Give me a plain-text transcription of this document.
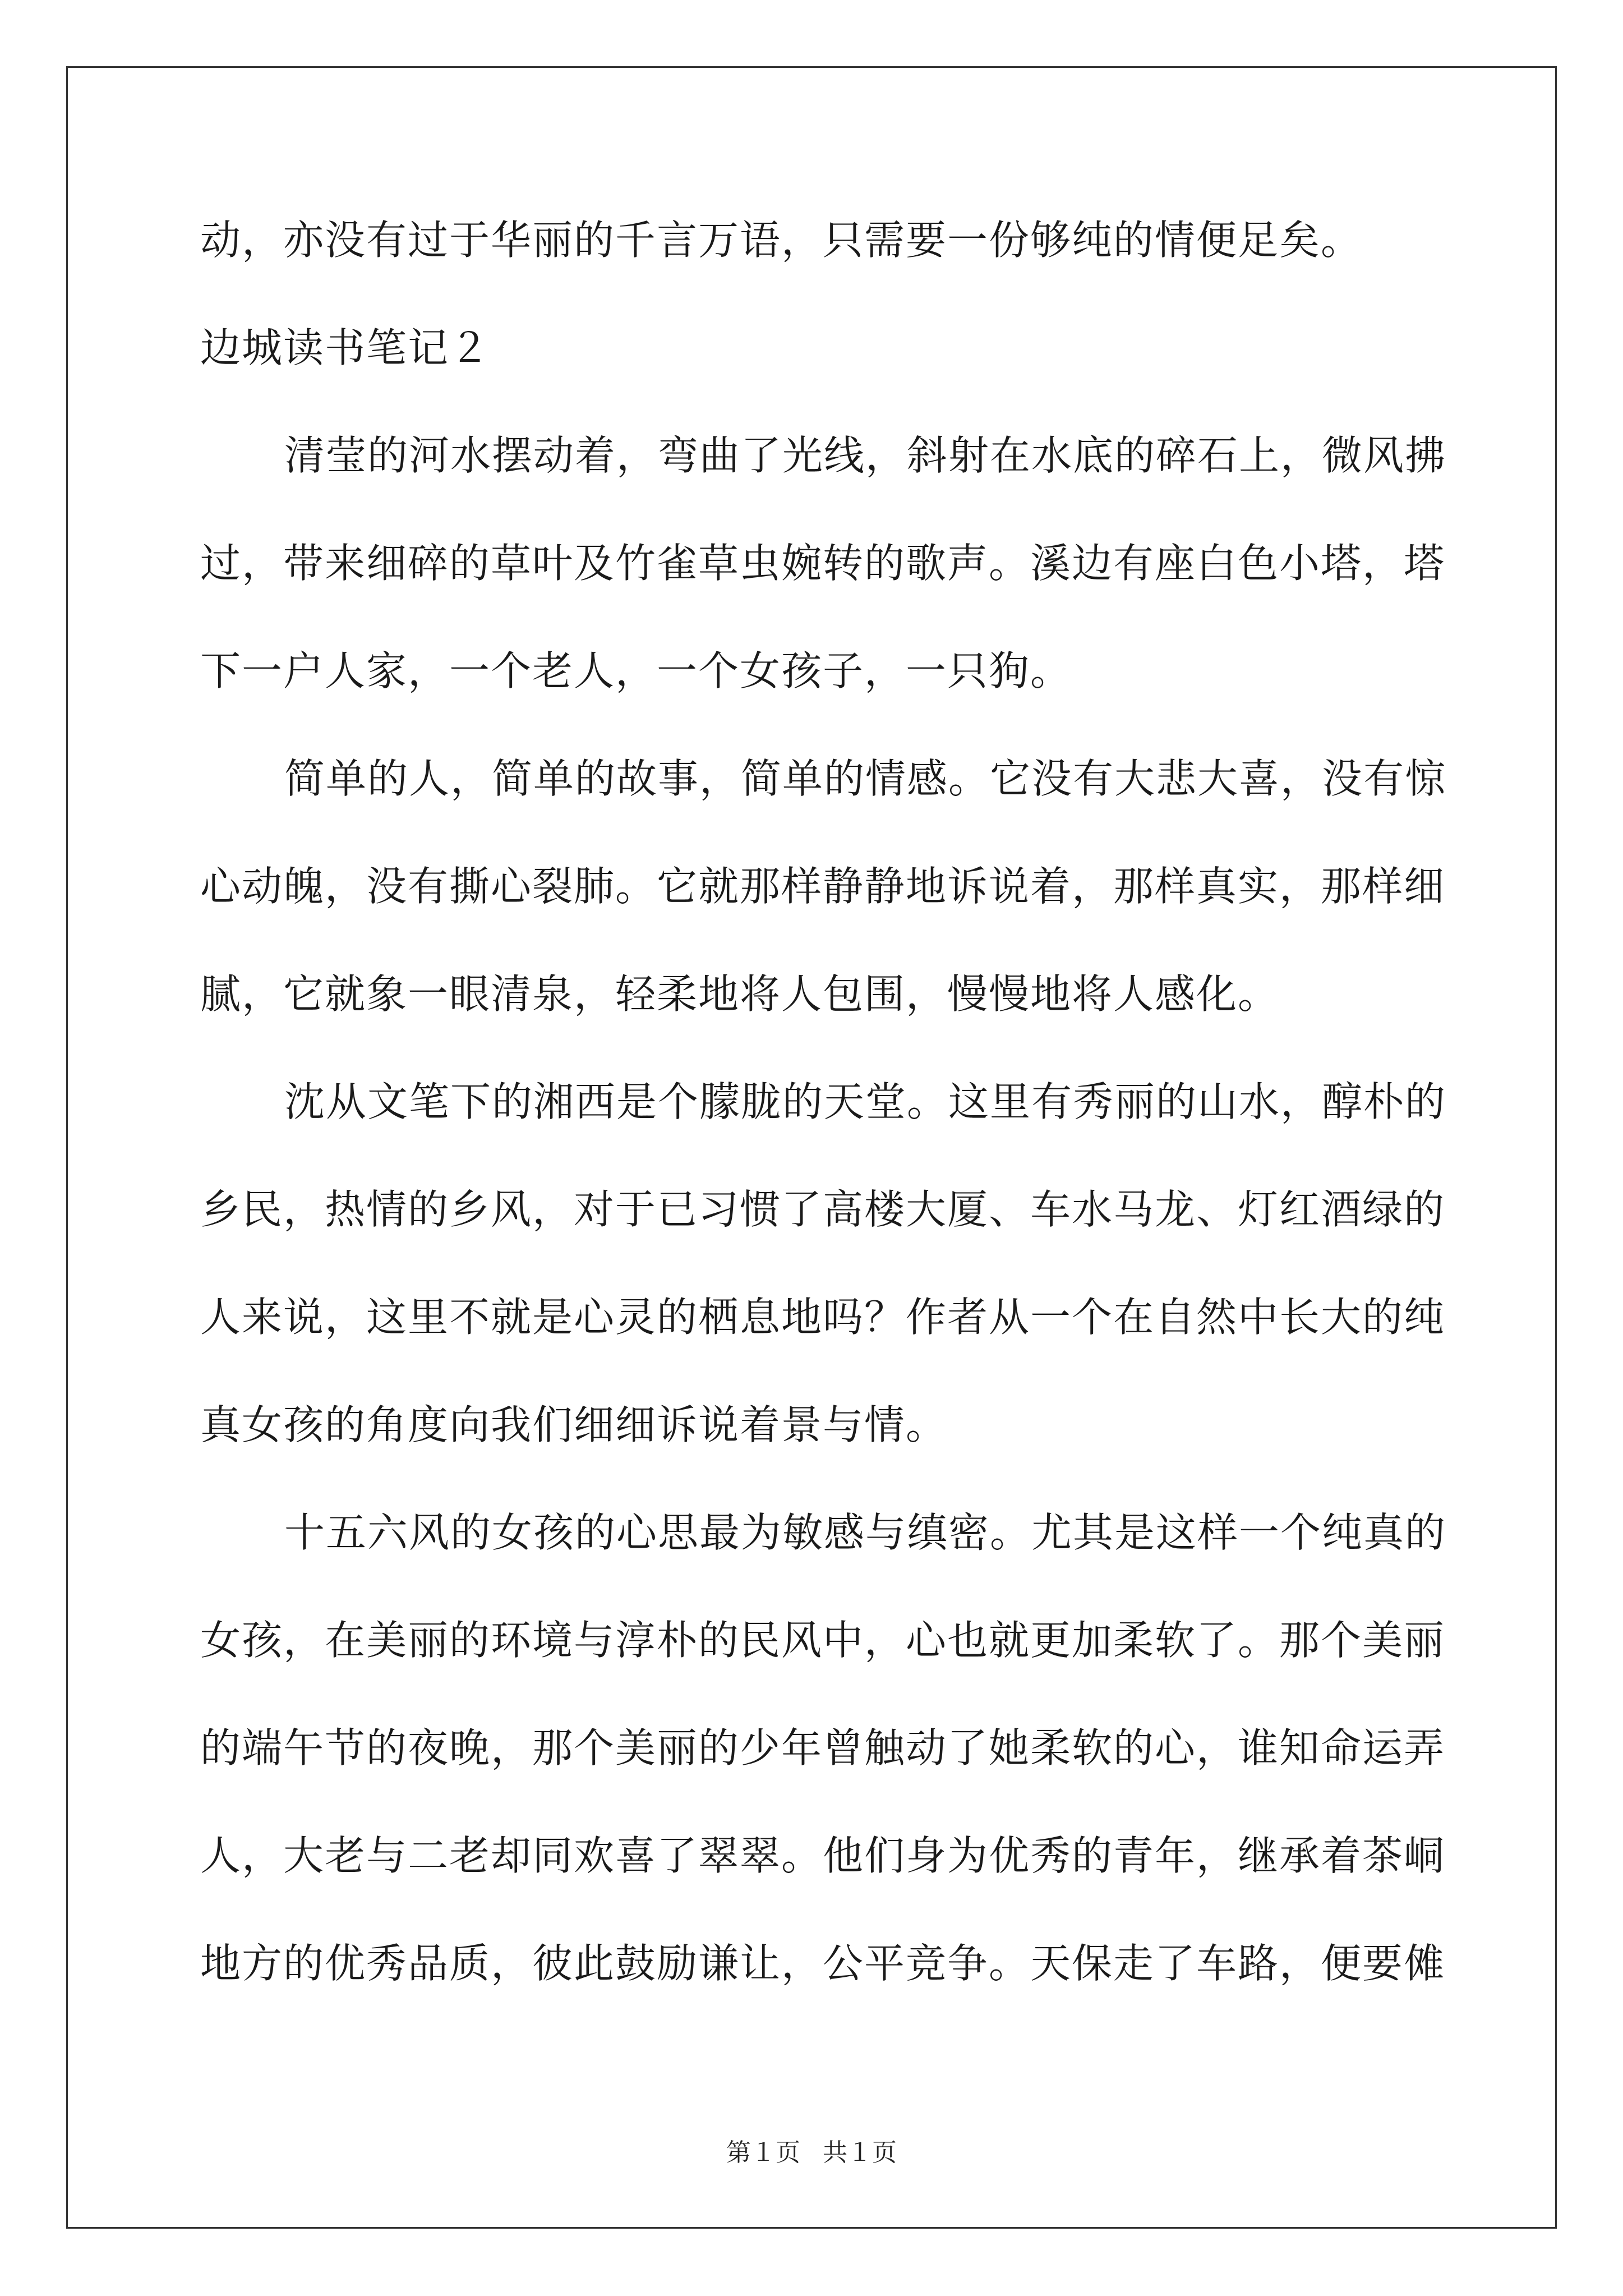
动，亦没有过于华丽的千言万语，只需要一份够纯的情便足矣。

边城读书笔记２

清莹的河水摆动着，弯曲了光线，斜射在水底的碎石上，微风拂

过，带来细碎的草叶及竹雀草虫婉转的歌声。溪边有座白色小塔，塔

下一户人家，一个老人，一个女孩子，一只狗。

简单的人，简单的故事，简单的情感。它没有大悲大喜，没有惊

心动魄，没有撕心裂肺。它就那样静静地诉说着，那样真实，那样细

腻，它就象一眼清泉，轻柔地将人包围，慢慢地将人感化。

沈从文笔下的湘西是个朦胧的天堂。这里有秀丽的山水，醇朴的

乡民，热情的乡风，对于已习惯了高楼大厦、车水马龙、灯红酒绿的

人来说，这里不就是心灵的栖息地吗？作者从一个在自然中长大的纯

真女孩的角度向我们细细诉说着景与情。

十五六风的女孩的心思最为敏感与缜密。尤其是这样一个纯真的

女孩，在美丽的环境与淳朴的民风中，心也就更加柔软了。那个美丽

的端午节的夜晚，那个美丽的少年曾触动了她柔软的心，谁知命运弄

人，大老与二老却同欢喜了翠翠。他们身为优秀的青年，继承着茶峒

地方的优秀品质，彼此鼓励谦让，公平竞争。天保走了车路，便要傩

第１页 共１页
